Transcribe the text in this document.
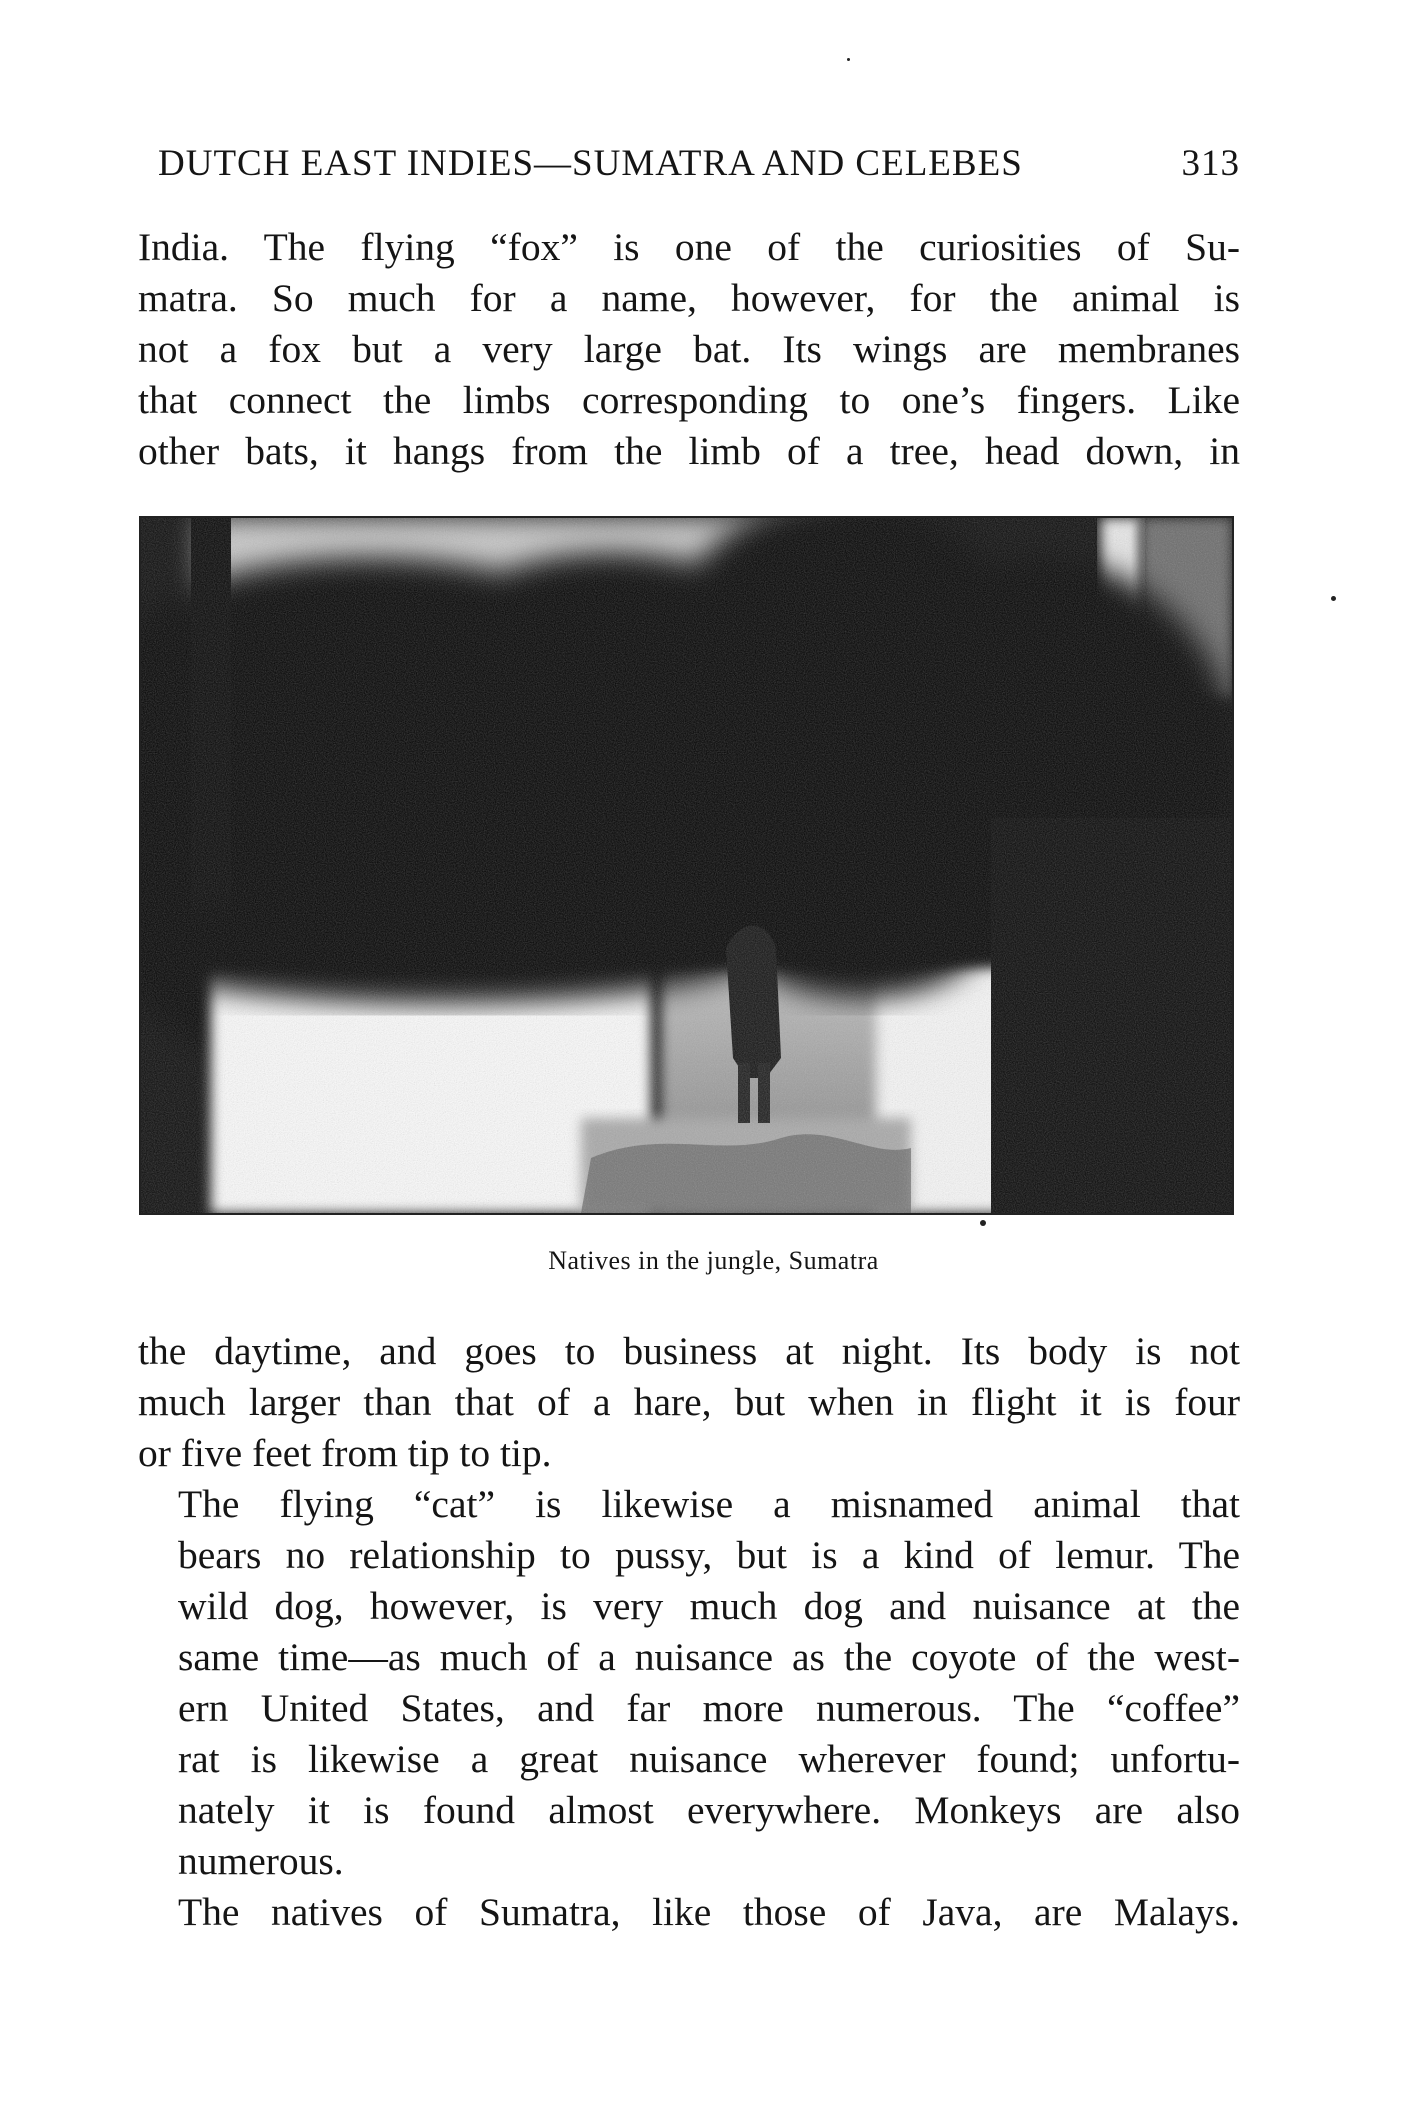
DUTCH EAST INDIES—SUMATRA AND CELEBES	313

India. The flying “fox” is one of the curiosities of Su-
matra. So much for a name, however, for the animal is
not a fox but a very large bat. Its wings are membranes
that connect the limbs corresponding to one’s fingers. Like
other bats, it hangs from the limb of a tree, head down, in

Natives in the jungle, Sumatra

the daytime, and goes to business at night. Its body is not
much larger than that of a hare, but when in flight it is four
or five feet from tip to tip.

The flying “cat” is likewise a misnamed animal that
bears no relationship to pussy, but is a kind of lemur. The
wild dog, however, is very much dog and nuisance at the
same time—as much of a nuisance as the coyote of the west-
ern United States, and far more numerous. The “coffee”
rat is likewise a great nuisance wherever found; unfortu-
nately it is found almost everywhere. Monkeys are also
numerous.

The natives of Sumatra, like those of Java, are Malays.
